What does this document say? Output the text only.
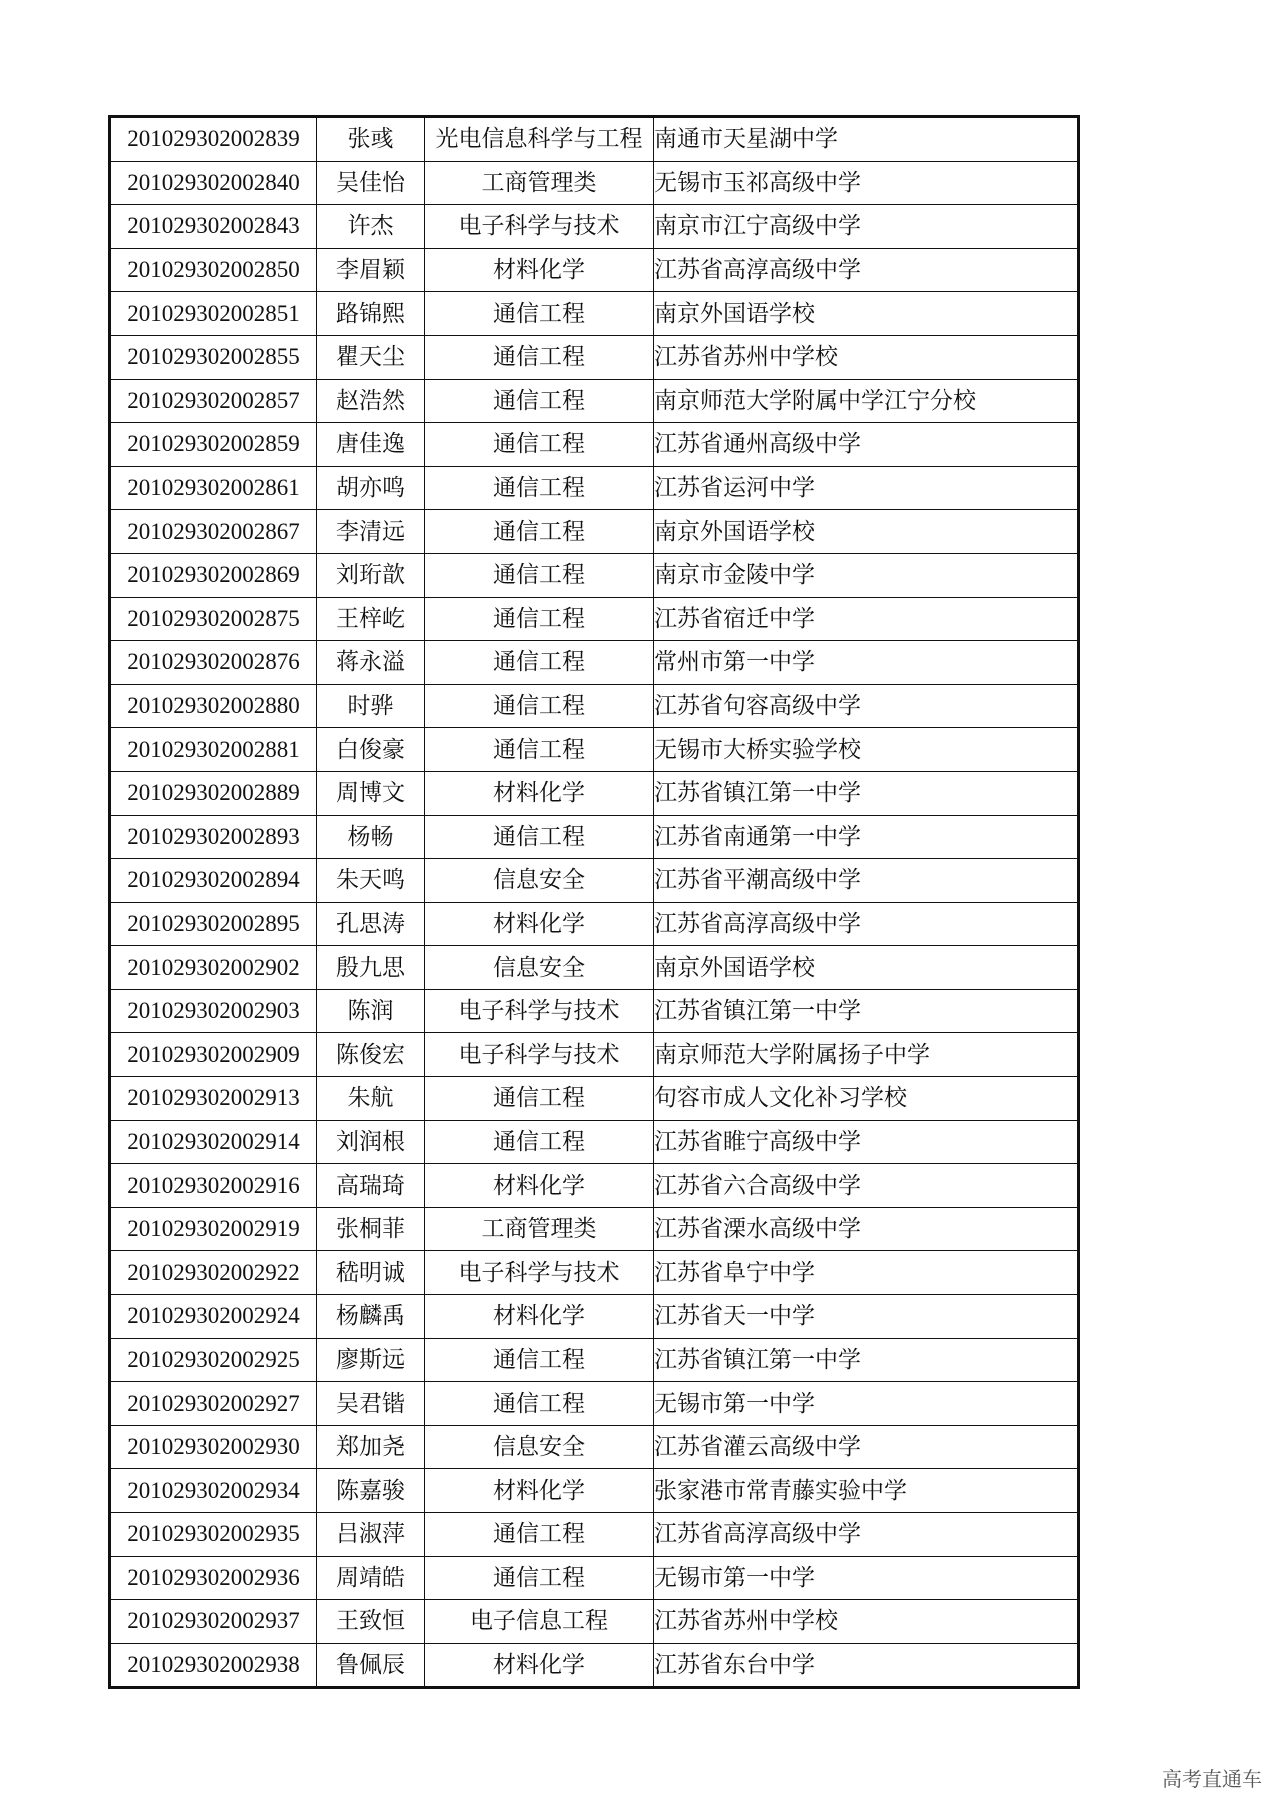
201029302002839	张彧	光电信息科学与工程	南通市天星湖中学
201029302002840	吴佳怡	工商管理类	无锡市玉祁高级中学
201029302002843	许杰	电子科学与技术	南京市江宁高级中学
201029302002850	李眉颖	材料化学	江苏省高淳高级中学
201029302002851	路锦熙	通信工程	南京外国语学校
201029302002855	瞿天尘	通信工程	江苏省苏州中学校
201029302002857	赵浩然	通信工程	南京师范大学附属中学江宁分校
201029302002859	唐佳逸	通信工程	江苏省通州高级中学
201029302002861	胡亦鸣	通信工程	江苏省运河中学
201029302002867	李清远	通信工程	南京外国语学校
201029302002869	刘珩歆	通信工程	南京市金陵中学
201029302002875	王梓屹	通信工程	江苏省宿迁中学
201029302002876	蒋永溢	通信工程	常州市第一中学
201029302002880	时骅	通信工程	江苏省句容高级中学
201029302002881	白俊豪	通信工程	无锡市大桥实验学校
201029302002889	周博文	材料化学	江苏省镇江第一中学
201029302002893	杨畅	通信工程	江苏省南通第一中学
201029302002894	朱天鸣	信息安全	江苏省平潮高级中学
201029302002895	孔思涛	材料化学	江苏省高淳高级中学
201029302002902	殷九思	信息安全	南京外国语学校
201029302002903	陈润	电子科学与技术	江苏省镇江第一中学
201029302002909	陈俊宏	电子科学与技术	南京师范大学附属扬子中学
201029302002913	朱航	通信工程	句容市成人文化补习学校
201029302002914	刘润根	通信工程	江苏省睢宁高级中学
201029302002916	高瑞琦	材料化学	江苏省六合高级中学
201029302002919	张桐菲	工商管理类	江苏省溧水高级中学
201029302002922	嵇明诚	电子科学与技术	江苏省阜宁中学
201029302002924	杨麟禹	材料化学	江苏省天一中学
201029302002925	廖斯远	通信工程	江苏省镇江第一中学
201029302002927	吴君锴	通信工程	无锡市第一中学
201029302002930	郑加尧	信息安全	江苏省灌云高级中学
201029302002934	陈嘉骏	材料化学	张家港市常青藤实验中学
201029302002935	吕淑萍	通信工程	江苏省高淳高级中学
201029302002936	周靖皓	通信工程	无锡市第一中学
201029302002937	王致恒	电子信息工程	江苏省苏州中学校
201029302002938	鲁佩辰	材料化学	江苏省东台中学
高考直通车
